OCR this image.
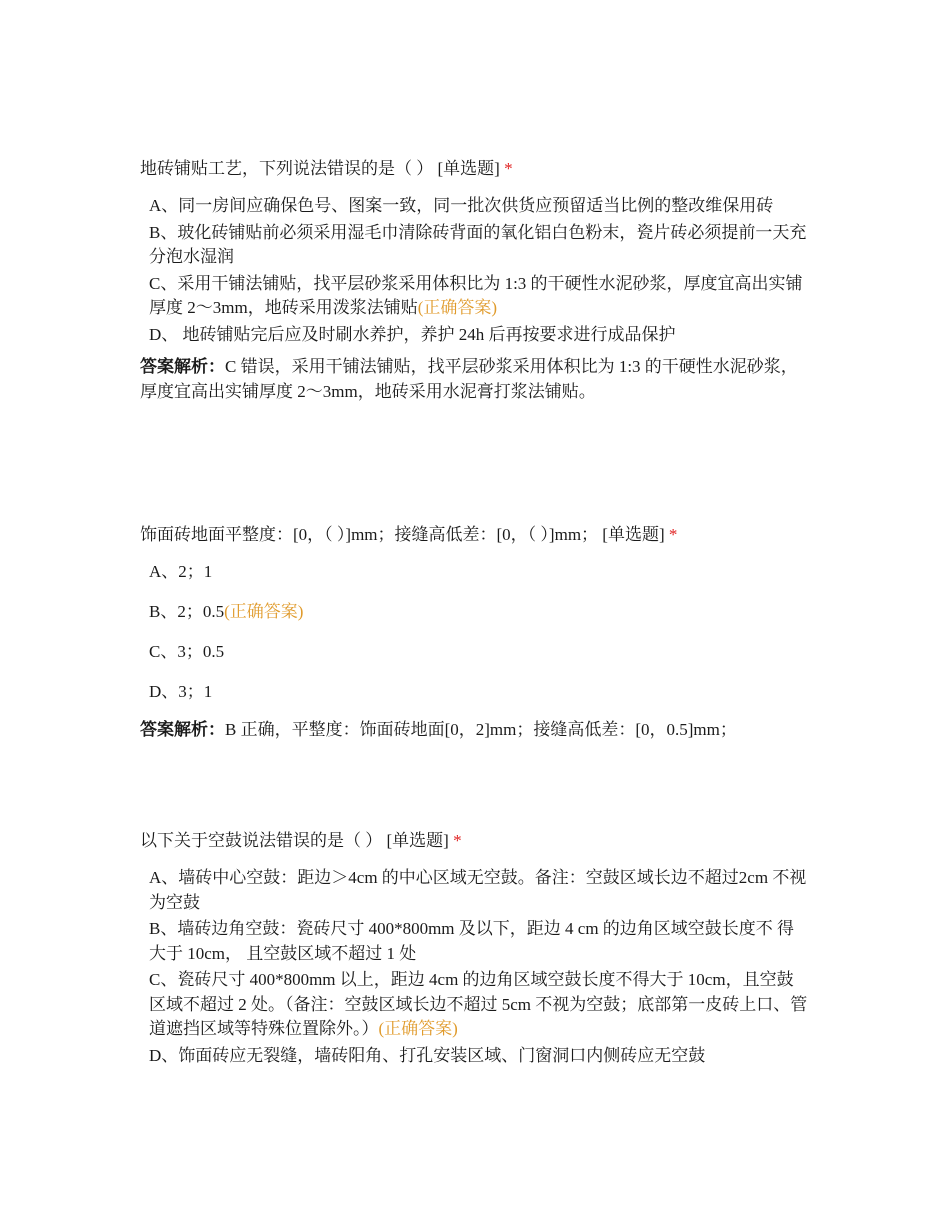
地砖铺贴工艺，下列说法错误的是（ ） [单选题] *
A、同一房间应确保色号、图案一致，同一批次供货应预留适当比例的整改维保用砖
B、玻化砖铺贴前必须采用湿毛巾清除砖背面的氧化铝白色粉末，瓷片砖必须提前一天充分泡水湿润
C、采用干铺法铺贴，找平层砂浆采用体积比为 1:3 的干硬性水泥砂浆，厚度宜高出实铺厚度 2～3mm，地砖采用泼浆法铺贴(正确答案)
D、 地砖铺贴完后应及时刷水养护，养护 24h 后再按要求进行成品保护
答案解析：C 错误，采用干铺法铺贴，找平层砂浆采用体积比为 1:3 的干硬性水泥砂浆，厚度宜高出实铺厚度 2～3mm，地砖采用水泥膏打浆法铺贴。
饰面砖地面平整度：[0，（ ）]mm；接缝高低差：[0，（ ）]mm； [单选题] *
A、2；1
B、2；0.5(正确答案)
C、3；0.5
D、3；1
答案解析：B 正确，平整度：饰面砖地面[0，2]mm；接缝高低差：[0，0.5]mm；
以下关于空鼓说法错误的是（ ） [单选题] *
A、墙砖中心空鼓：距边＞4cm 的中心区域无空鼓。备注：空鼓区域长边不超过2cm 不视为空鼓
B、墙砖边角空鼓：瓷砖尺寸 400*800mm 及以下，距边 4 cm 的边角区域空鼓长度不 得大于 10cm， 且空鼓区域不超过 1 处
C、瓷砖尺寸 400*800mm 以上，距边 4cm 的边角区域空鼓长度不得大于 10cm，且空鼓区域不超过 2 处。（备注：空鼓区域长边不超过 5cm 不视为空鼓；底部第一皮砖上口、管道遮挡区域等特殊位置除外。）(正确答案)
D、饰面砖应无裂缝，墙砖阳角、打孔安装区域、门窗洞口内侧砖应无空鼓
